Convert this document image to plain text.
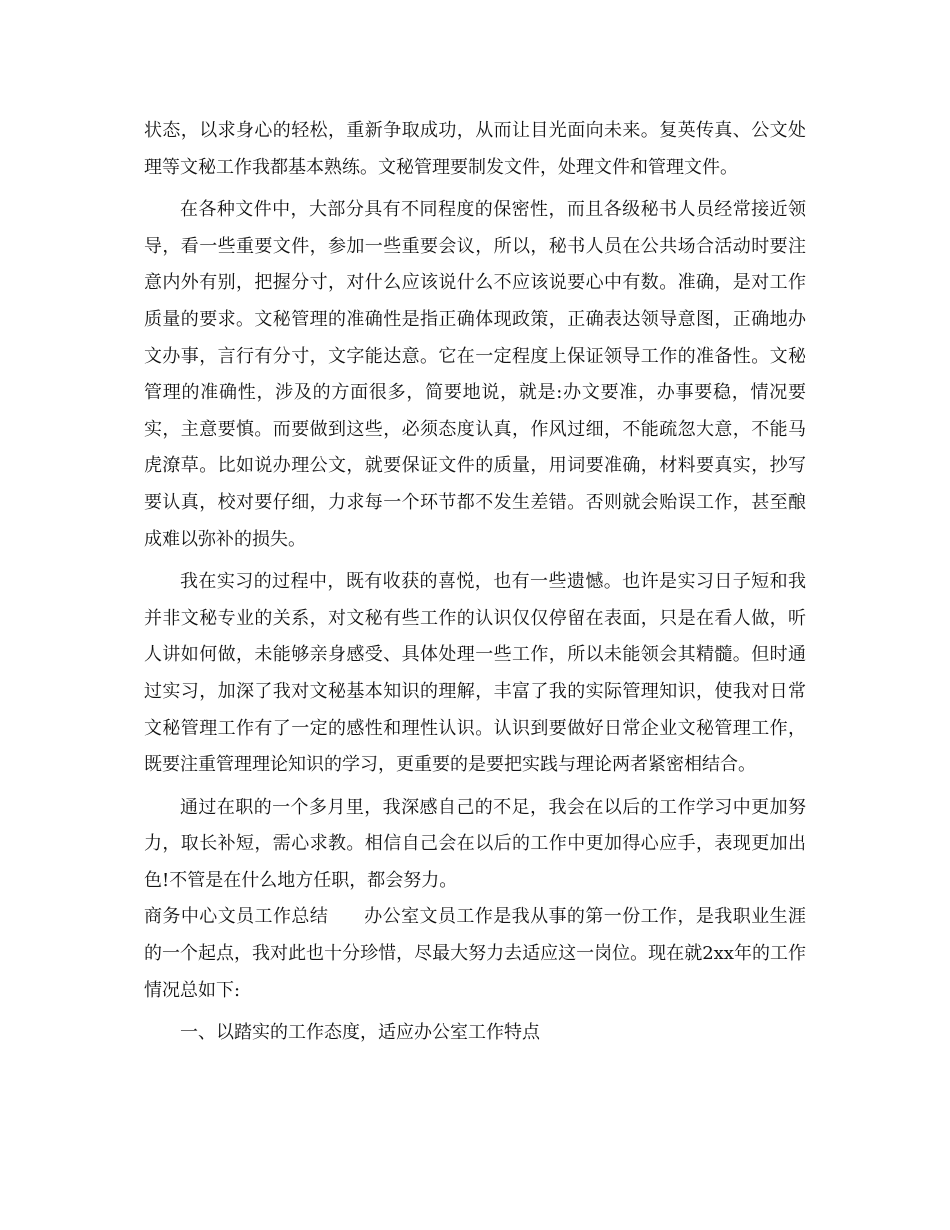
状态，以求身心的轻松，重新争取成功，从而让目光面向未来。复英传真、公文处理等文秘工作我都基本熟练。文秘管理要制发文件，处理文件和管理文件。

在各种文件中，大部分具有不同程度的保密性，而且各级秘书人员经常接近领导，看一些重要文件，参加一些重要会议，所以，秘书人员在公共场合活动时要注意内外有别，把握分寸，对什么应该说什么不应该说要心中有数。准确，是对工作质量的要求。文秘管理的准确性是指正确体现政策，正确表达领导意图，正确地办文办事，言行有分寸，文字能达意。它在一定程度上保证领导工作的准备性。文秘管理的准确性，涉及的方面很多，简要地说，就是:办文要准，办事要稳，情况要实，主意要慎。而要做到这些，必须态度认真，作风过细，不能疏忽大意，不能马虎潦草。比如说办理公文，就要保证文件的质量，用词要准确，材料要真实，抄写要认真，校对要仔细，力求每一个环节都不发生差错。否则就会贻误工作，甚至酿成难以弥补的损失。

我在实习的过程中，既有收获的喜悦，也有一些遗憾。也许是实习日子短和我并非文秘专业的关系，对文秘有些工作的认识仅仅停留在表面，只是在看人做，听人讲如何做，未能够亲身感受、具体处理一些工作，所以未能领会其精髓。但时通过实习，加深了我对文秘基本知识的理解，丰富了我的实际管理知识，使我对日常文秘管理工作有了一定的感性和理性认识。认识到要做好日常企业文秘管理工作，既要注重管理理论知识的学习，更重要的是要把实践与理论两者紧密相结合。

通过在职的一个多月里，我深感自己的不足，我会在以后的工作学习中更加努力，取长补短，需心求教。相信自己会在以后的工作中更加得心应手，表现更加出色!不管是在什么地方任职，都会努力。

商务中心文员工作总结 办公室文员工作是我从事的第一份工作，是我职业生涯的一个起点，我对此也十分珍惜，尽最大努力去适应这一岗位。现在就2xx年的工作情况总如下:

一、以踏实的工作态度，适应办公室工作特点
